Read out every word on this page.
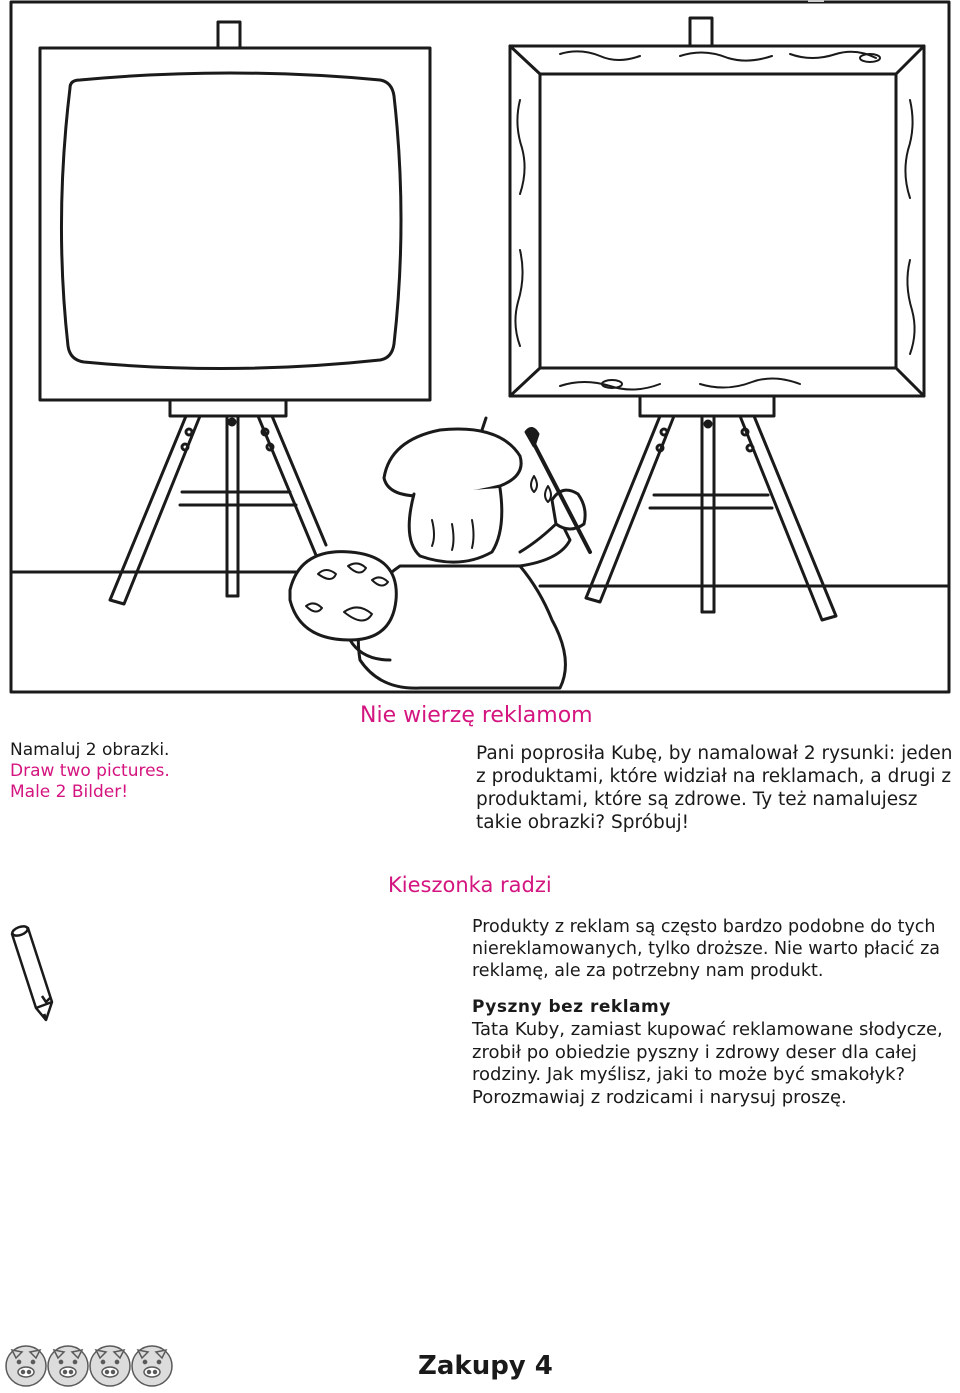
Nie wierzę reklamom
Namaluj 2 obrazki.
Draw two pictures.
Male 2 Bilder!
Pani poprosiła Kubę, by namalował 2 rysunki: jeden z produktami, które widział na reklamach, a drugi z produktami, które są zdrowe. Ty też namalujesz takie obrazki? Spróbuj!
Kieszonka radzi
Produkty z reklam są często bardzo podobne do tych niereklamowanych, tylko droższe. Nie warto płacić za reklamę, ale za potrzebny nam produkt.
Pyszny bez reklamy
Tata Kuby, zamiast kupować reklamowane słodycze, zrobił po obiedzie pyszny i zdrowy deser dla całej rodziny. Jak myślisz, jaki to może być smakołyk? Porozmawiaj z rodzicami i narysuj proszę.
Zakupy 4
